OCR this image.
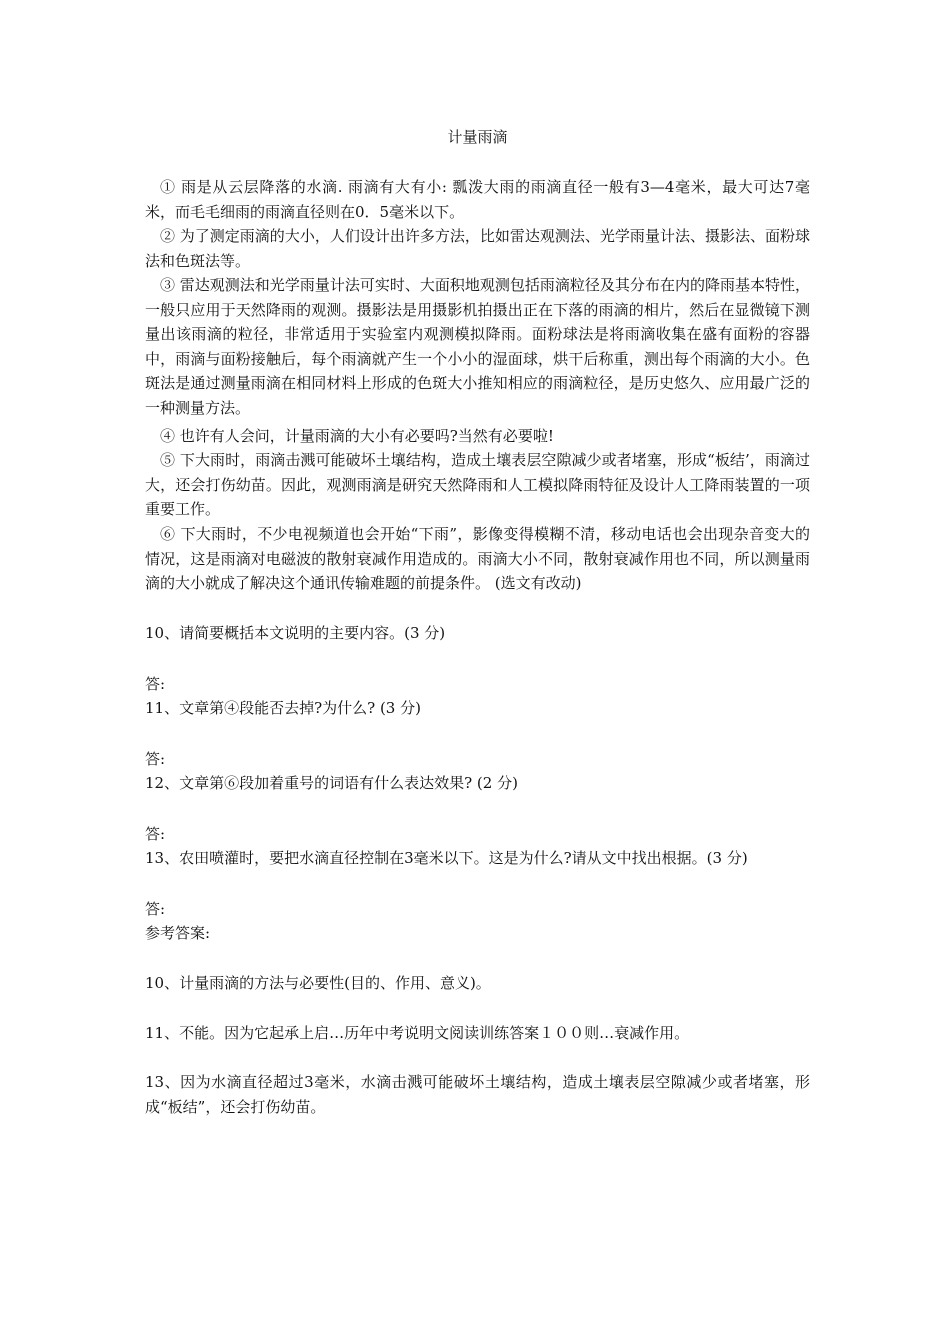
计量雨滴

① 雨是从云层降落的水滴. 雨滴有大有小: 瓢泼大雨的雨滴直径一般有3—4毫米，最大可达7毫米，而毛毛细雨的雨滴直径则在0．5毫米以下。

② 为了测定雨滴的大小，人们设计出许多方法，比如雷达观测法、光学雨量计法、摄影法、面粉球法和色斑法等。

③ 雷达观测法和光学雨量计法可实时、大面积地观测包括雨滴粒径及其分布在内的降雨基本特性，一般只应用于天然降雨的观测。摄影法是用摄影机拍摄出正在下落的雨滴的相片，然后在显微镜下测量出该雨滴的粒径，非常适用于实验室内观测模拟降雨。面粉球法是将雨滴收集在盛有面粉的容器中，雨滴与面粉接触后，每个雨滴就产生一个小小的湿面球，烘干后称重，测出每个雨滴的大小。色斑法是通过测量雨滴在相同材料上形成的色斑大小推知相应的雨滴粒径，是历史悠久、应用最广泛的一种测量方法。

④ 也许有人会问，计量雨滴的大小有必要吗?当然有必要啦!

⑤ 下大雨时，雨滴击溅可能破坏土壤结构，造成土壤表层空隙减少或者堵塞，形成“板结’，雨滴过大，还会打伤幼苗。因此，观测雨滴是研究天然降雨和人工模拟降雨特征及设计人工降雨装置的一项重要工作。

⑥ 下大雨时，不少电视频道也会开始“下雨”，影像变得模糊不清，移动电话也会出现杂音变大的情况，这是雨滴对电磁波的散射衰减作用造成的。雨滴大小不同，散射衰减作用也不同，所以测量雨滴的大小就成了解决这个通讯传输难题的前提条件。 (选文有改动)

10、请简要概括本文说明的主要内容。(3 分)

答:

11、文章第④段能否去掉?为什么? (3 分)

答:

12、文章第⑥段加着重号的词语有什么表达效果? (2 分)

答:

13、农田喷灌时，要把水滴直径控制在3毫米以下。这是为什么?请从文中找出根据。(3 分)

答:

参考答案:

10、计量雨滴的方法与必要性(目的、作用、意义)。

11、不能。因为它起承上启…历年中考说明文阅读训练答案１００则…衰减作用。

13、因为水滴直径超过3毫米，水滴击溅可能破坏土壤结构，造成土壤表层空隙减少或者堵塞，形成“板结”，还会打伤幼苗。
